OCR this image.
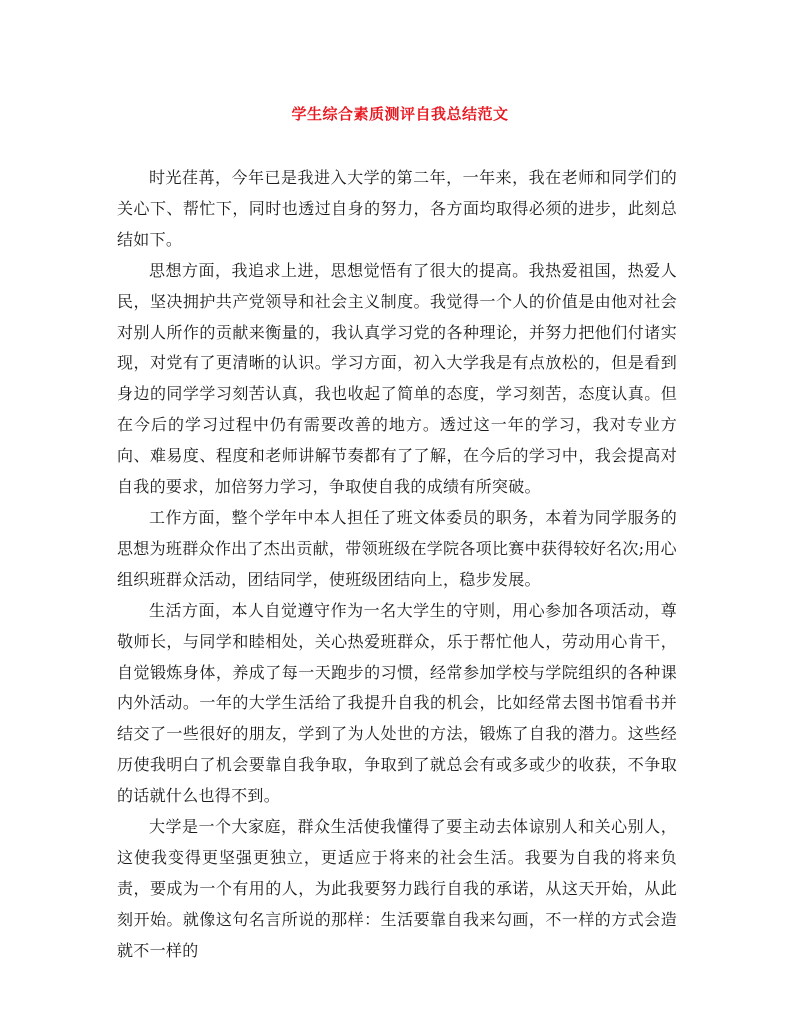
学生综合素质测评自我总结范文

时光荏苒，今年已是我进入大学的第二年，一年来，我在老师和同学们的关心下、帮忙下，同时也透过自身的努力，各方面均取得必须的进步，此刻总结如下。

思想方面，我追求上进，思想觉悟有了很大的提高。我热爱祖国，热爱人民，坚决拥护共产党领导和社会主义制度。我觉得一个人的价值是由他对社会对别人所作的贡献来衡量的，我认真学习党的各种理论，并努力把他们付诸实现，对党有了更清晰的认识。学习方面，初入大学我是有点放松的，但是看到身边的同学学习刻苦认真，我也收起了简单的态度，学习刻苦，态度认真。但在今后的学习过程中仍有需要改善的地方。透过这一年的学习，我对专业方向、难易度、程度和老师讲解节奏都有了了解，在今后的学习中，我会提高对自我的要求，加倍努力学习，争取使自我的成绩有所突破。

工作方面，整个学年中本人担任了班文体委员的职务，本着为同学服务的思想为班群众作出了杰出贡献，带领班级在学院各项比赛中获得较好名次;用心组织班群众活动，团结同学，使班级团结向上，稳步发展。

生活方面，本人自觉遵守作为一名大学生的守则，用心参加各项活动，尊敬师长，与同学和睦相处，关心热爱班群众，乐于帮忙他人，劳动用心肯干，自觉锻炼身体，养成了每一天跑步的习惯，经常参加学校与学院组织的各种课内外活动。一年的大学生活给了我提升自我的机会，比如经常去图书馆看书并结交了一些很好的朋友，学到了为人处世的方法，锻炼了自我的潜力。这些经历使我明白了机会要靠自我争取，争取到了就总会有或多或少的收获，不争取的话就什么也得不到。

大学是一个大家庭，群众生活使我懂得了要主动去体谅别人和关心别人，这使我变得更坚强更独立，更适应于将来的社会生活。我要为自我的将来负责，要成为一个有用的人，为此我要努力践行自我的承诺，从这天开始，从此刻开始。就像这句名言所说的那样：生活要靠自我来勾画，不一样的方式会造就不一样的
